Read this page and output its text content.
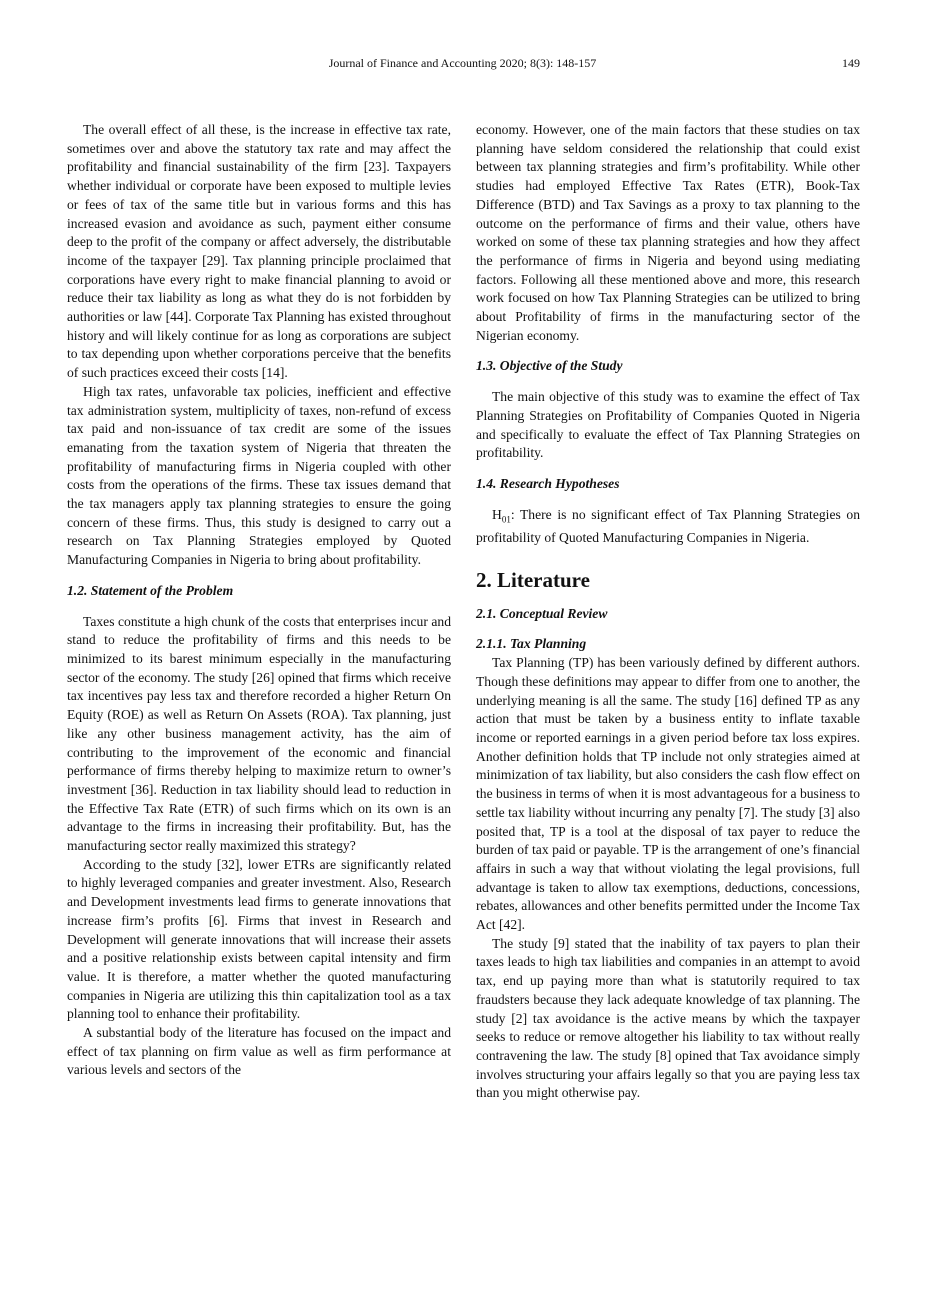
Journal of Finance and Accounting 2020; 8(3): 148-157	149

The overall effect of all these, is the increase in effective tax rate, sometimes over and above the statutory tax rate and may affect the profitability and financial sustainability of the firm [23]. Taxpayers whether individual or corporate have been exposed to multiple levies or fees of tax of the same title but in various forms and this has increased evasion and avoidance as such, payment either consume deep to the profit of the company or affect adversely, the distributable income of the taxpayer [29]. Tax planning principle proclaimed that corporations have every right to make financial planning to avoid or reduce their tax liability as long as what they do is not forbidden by authorities or law [44]. Corporate Tax Planning has existed throughout history and will likely continue for as long as corporations are subject to tax depending upon whether corporations perceive that the benefits of such practices exceed their costs [14].

High tax rates, unfavorable tax policies, inefficient and effective tax administration system, multiplicity of taxes, non-refund of excess tax paid and non-issuance of tax credit are some of the issues emanating from the taxation system of Nigeria that threaten the profitability of manufacturing firms in Nigeria coupled with other costs from the operations of the firms. These tax issues demand that the tax managers apply tax planning strategies to ensure the going concern of these firms. Thus, this study is designed to carry out a research on Tax Planning Strategies employed by Quoted Manufacturing Companies in Nigeria to bring about profitability.

1.2. Statement of the Problem

Taxes constitute a high chunk of the costs that enterprises incur and stand to reduce the profitability of firms and this needs to be minimized to its barest minimum especially in the manufacturing sector of the economy. The study [26] opined that firms which receive tax incentives pay less tax and therefore recorded a higher Return On Equity (ROE) as well as Return On Assets (ROA). Tax planning, just like any other business management activity, has the aim of contributing to the improvement of the economic and financial performance of firms thereby helping to maximize return to owner’s investment [36]. Reduction in tax liability should lead to reduction in the Effective Tax Rate (ETR) of such firms which on its own is an advantage to the firms in increasing their profitability. But, has the manufacturing sector really maximized this strategy?

According to the study [32], lower ETRs are significantly related to highly leveraged companies and greater investment. Also, Research and Development investments lead firms to generate innovations that increase firm’s profits [6]. Firms that invest in Research and Development will generate innovations that will increase their assets and a positive relationship exists between capital intensity and firm value. It is therefore, a matter whether the quoted manufacturing companies in Nigeria are utilizing this thin capitalization tool as a tax planning tool to enhance their profitability.

A substantial body of the literature has focused on the impact and effect of tax planning on firm value as well as firm performance at various levels and sectors of the

economy. However, one of the main factors that these studies on tax planning have seldom considered the relationship that could exist between tax planning strategies and firm’s profitability. While other studies had employed Effective Tax Rates (ETR), Book-Tax Difference (BTD) and Tax Savings as a proxy to tax planning to the outcome on the performance of firms and their value, others have worked on some of these tax planning strategies and how they affect the performance of firms in Nigeria and beyond using mediating factors. Following all these mentioned above and more, this research work focused on how Tax Planning Strategies can be utilized to bring about Profitability of firms in the manufacturing sector of the Nigerian economy.

1.3. Objective of the Study

The main objective of this study was to examine the effect of Tax Planning Strategies on Profitability of Companies Quoted in Nigeria and specifically to evaluate the effect of Tax Planning Strategies on profitability.

1.4. Research Hypotheses

$H_{01}$: There is no significant effect of Tax Planning Strategies on profitability of Quoted Manufacturing Companies in Nigeria.

2. Literature
2.1. Conceptual Review
2.1.1. Tax Planning

Tax Planning (TP) has been variously defined by different authors. Though these definitions may appear to differ from one to another, the underlying meaning is all the same. The study [16] defined TP as any action that must be taken by a business entity to inflate taxable income or reported earnings in a given period before tax loss expires. Another definition holds that TP include not only strategies aimed at minimization of tax liability, but also considers the cash flow effect on the business in terms of when it is most advantageous for a business to settle tax liability without incurring any penalty [7]. The study [3] also posited that, TP is a tool at the disposal of tax payer to reduce the burden of tax paid or payable. TP is the arrangement of one’s financial affairs in such a way that without violating the legal provisions, full advantage is taken to allow tax exemptions, deductions, concessions, rebates, allowances and other benefits permitted under the Income Tax Act [42].

The study [9] stated that the inability of tax payers to plan their taxes leads to high tax liabilities and companies in an attempt to avoid tax, end up paying more than what is statutorily required to tax fraudsters because they lack adequate knowledge of tax planning. The study [2] tax avoidance is the active means by which the taxpayer seeks to reduce or remove altogether his liability to tax without really contravening the law. The study [8] opined that Tax avoidance simply involves structuring your affairs legally so that you are paying less tax than you might otherwise pay.
